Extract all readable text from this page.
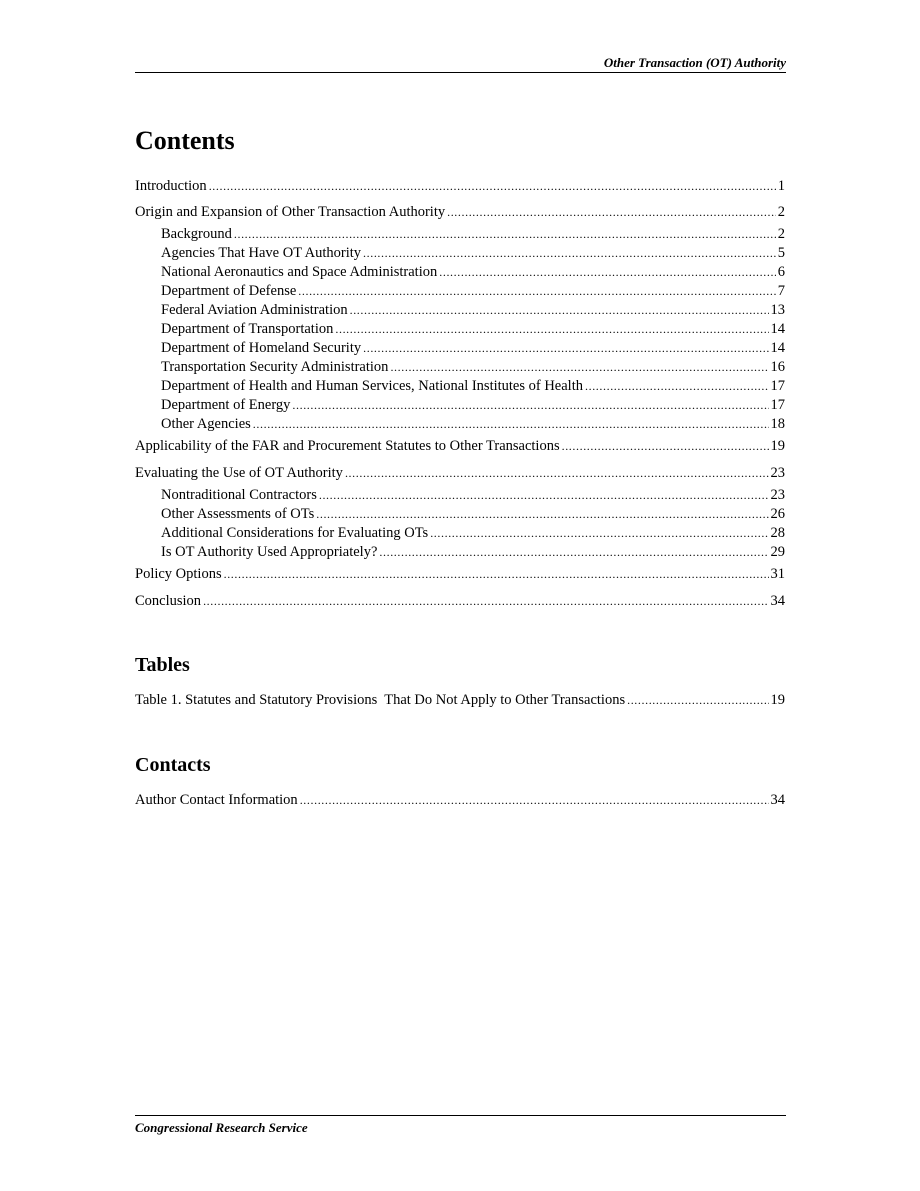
Other Transaction (OT) Authority
Contents
Introduction . . .	1
Origin and Expansion of Other Transaction Authority . . .	2
Background . . .	2
Agencies That Have OT Authority . . .	5
National Aeronautics and Space Administration . . .	6
Department of Defense . . .	7
Federal Aviation Administration . . .	13
Department of Transportation . . .	14
Department of Homeland Security . . .	14
Transportation Security Administration . . .	16
Department of Health and Human Services, National Institutes of Health . . .	17
Department of Energy . . .	17
Other Agencies . . .	18
Applicability of the FAR and Procurement Statutes to Other Transactions . . .	19
Evaluating the Use of OT Authority . . .	23
Nontraditional Contractors . . .	23
Other Assessments of OTs . . .	26
Additional Considerations for Evaluating OTs . . .	28
Is OT Authority Used Appropriately? . . .	29
Policy Options . . .	31
Conclusion . . .	34
Tables
Table 1. Statutes and Statutory Provisions  That Do Not Apply to Other Transactions . . .	19
Contacts
Author Contact Information . . .	34
Congressional Research Service
